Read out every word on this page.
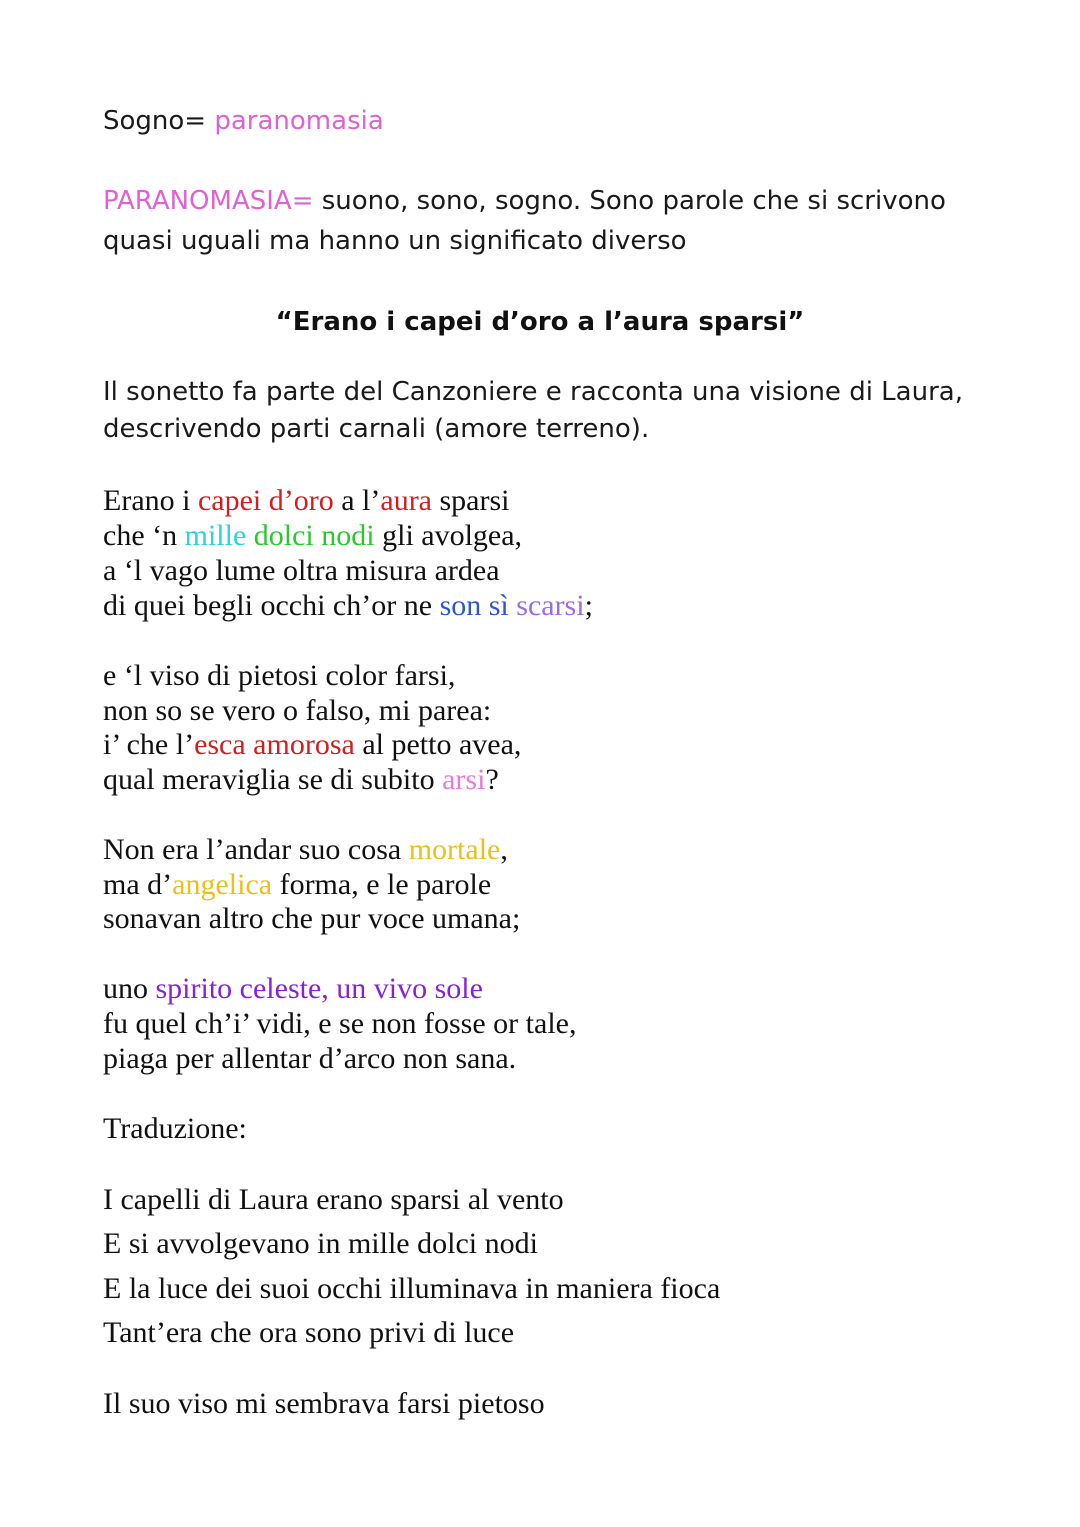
Sogno= paranomasia
PARANOMASIA= suono, sono, sogno. Sono parole che si scrivono
quasi uguali ma hanno un significato diverso
“Erano i capei d’oro a l’aura sparsi”
Il sonetto fa parte del Canzoniere e racconta una visione di Laura,
descrivendo parti carnali (amore terreno).
Erano i capei d’oro a l’aura sparsi
che ‘n mille dolci nodi gli avolgea,
a ‘l vago lume oltra misura ardea
di quei begli occhi ch’or ne son sì scarsi;
e ‘l viso di pietosi color farsi,
non so se vero o falso, mi parea:
i’ che l’esca amorosa al petto avea,
qual meraviglia se di subito arsi?
Non era l’andar suo cosa mortale,
ma d’angelica forma, e le parole
sonavan altro che pur voce umana;
uno spirito celeste, un vivo sole
fu quel ch’i’ vidi, e se non fosse or tale,
piaga per allentar d’arco non sana.
Traduzione:
I capelli di Laura erano sparsi al vento
E si avvolgevano in mille dolci nodi
E la luce dei suoi occhi illuminava in maniera fioca
Tant’era che ora sono privi di luce
Il suo viso mi sembrava farsi pietoso
